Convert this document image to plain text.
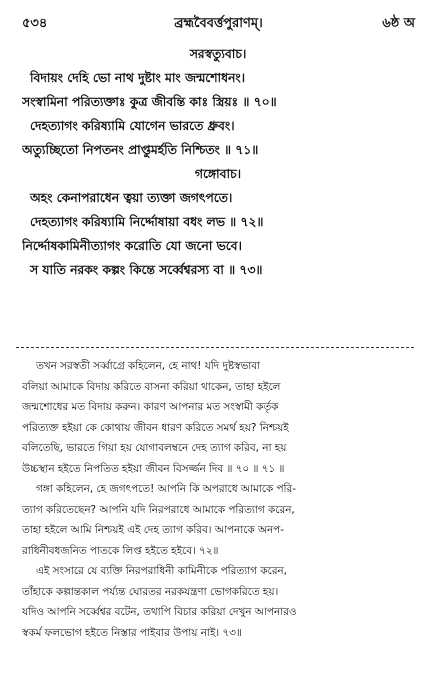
৫৩৪	ব্রহ্মবৈবর্ত্তপুরাণম্।	৬ষ্ঠ অ
সরস্বত্যুবাচ।
বিদায়ং দেহি ভো নাথ দুষ্টাং মাং জন্মশোধনং।
সংস্বামিনা পরিত্যক্তাঃ কুত্র জীবন্তি কাঃ স্ত্রিয়ঃ ॥ ৭০॥
দেহত্যাগং করিষ্যামি যোগেন ভারতে ধ্রুবং।
অত্যুচ্ছিতো নিপতনং প্রাপ্তুমর্হতি নিশ্চিতং ॥ ৭১॥
গঙ্গোবাচ।
অহং কেনাপরাধেন ত্বয়া ত্যক্তা জগৎপতে।
দেহত্যাগং করিষ্যামি নির্দ্দোষায়া বধং লভ ॥ ৭২॥
নির্দ্দোষকামিনীত্যাগং করোতি যো জনো ভবে।
স যাতি নরকং কল্পং কিন্তে সর্ব্বেশ্বরস্য বা ॥ ৭৩॥
তখন সরস্বতী সর্ব্বাগ্রে কহিলেন, হে নাথ! যদি দুষ্টস্বভাবা
বলিয়া আমাকে বিদায় করিতে বাসনা করিয়া থাকেন, তাহা হইলে
জন্মশোধের মত বিদায় করুন। কারণ আপনার মত সংস্বামী কর্তৃক
পরিত্যক্ত হইয়া কে কোথায় জীবন ধারণ করিতে সমর্থ হয়? নিশ্চয়ই
বলিতেছি, ভারতে গিয়া হয় যোগাবলম্বনে দেহ ত্যাগ করিব, না হয়
উচ্চস্থান হইতে নিপতিত হইয়া জীবন বিসর্জ্জন দিব ॥ ৭০ ॥ ৭১ ॥
গঙ্গা কহিলেন, হে জগৎপতে! আপনি কি অপরাধে আমাকে পরি-
ত্যাগ করিতেছেন? আপনি যদি নিরপরাধে আমাকে পরিত্যাগ করেন,
তাহা হইলে আমি নিশ্চয়ই এই দেহ ত্যাগ করিব। আপনাকে অনপ-
রাধিনীবধজনিত পাতকে লিপ্ত হইতে হইবে। ৭২॥
এই সংসারে যে ব্যক্তি নিরপরাধিনী কামিনীকে পরিত্যাগ করেন,
তাঁহাকে কল্পান্তকাল পর্য্যন্ত ঘোরতর নরকযন্ত্রণা ভোগকরিতে হয়।
যদিও আপনি সর্ব্বেশ্বর বটেন, তথাপি বিচার করিয়া দেখুন আপনারও
স্বকর্ম ফলভোগ হইতে নিস্তার পাইবার উপায় নাই। ৭৩॥
